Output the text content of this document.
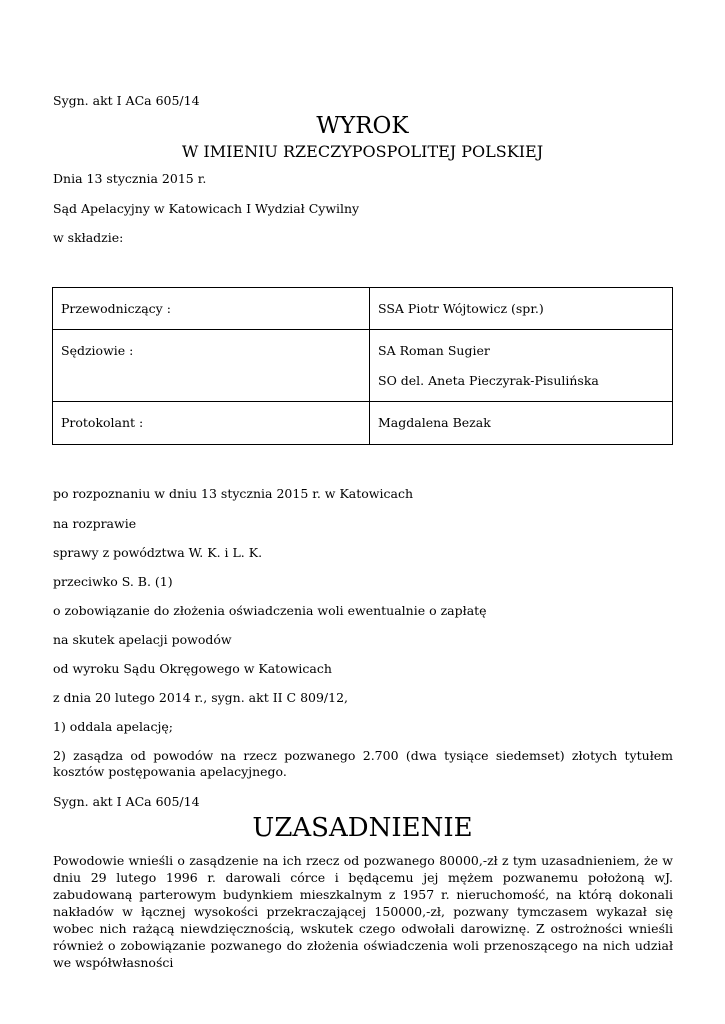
Sygn. akt I ACa 605/14
WYROK
W IMIENIU RZECZYPOSPOLITEJ POLSKIEJ
Dnia 13 stycznia 2015 r.
Sąd Apelacyjny w Katowicach I Wydział Cywilny
w składzie:
Przewodniczący :	SSA Piotr Wójtowicz (spr.)

Sędziowie :	SA Roman Sugier
SO del. Aneta Pieczyrak-Pisulińska

Protokolant :	Magdalena Bezak
po rozpoznaniu w dniu 13 stycznia 2015 r. w Katowicach
na rozprawie
sprawy z powództwa W. K. i L. K.
przeciwko S. B. (1)
o zobowiązanie do złożenia oświadczenia woli ewentualnie o zapłatę
na skutek apelacji powodów
od wyroku Sądu Okręgowego w Katowicach
z dnia 20 lutego 2014 r., sygn. akt II C 809/12,
1) oddala apelację;
2) zasądza od powodów na rzecz pozwanego 2.700 (dwa tysiące siedemset) złotych tytułem kosztów postępowania apelacyjnego.
Sygn. akt I ACa 605/14
UZASADNIENIE
Powodowie wnieśli o zasądzenie na ich rzecz od pozwanego 80000,-zł z tym uzasadnieniem, że w dniu 29 lutego 1996 r. darowali córce i będącemu jej mężem pozwanemu położoną wJ. zabudowaną parterowym budynkiem mieszkalnym z 1957 r. nieruchomość, na którą dokonali nakładów w łącznej wysokości przekraczającej 150000,-zł, pozwany tymczasem wykazał się wobec nich rażącą niewdzięcznością, wskutek czego odwołali darowiznę. Z ostrożności wnieśli również o zobowiązanie pozwanego do złożenia oświadczenia woli przenoszącego na nich udział we współwłasności
